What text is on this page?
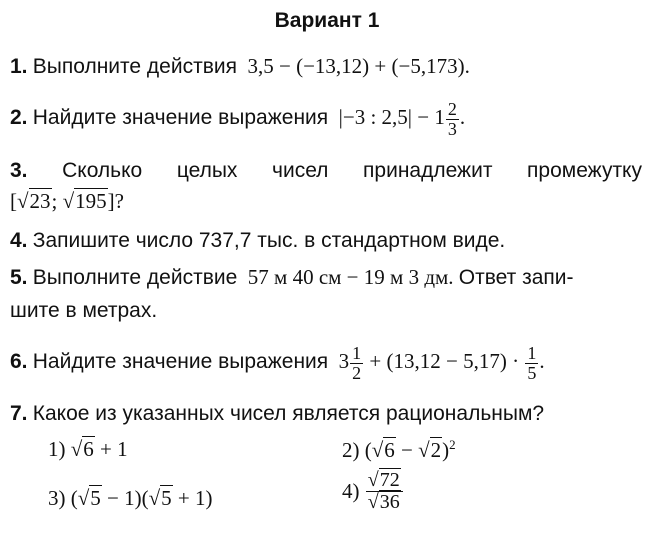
Вариант 1
1. Выполните действия 3,5 − (−13,12) + (−5,173).
2. Найдите значение выражения |−3 : $2,5| - 1 \frac{2}{3}$ .
3. Сколько целых чисел принадлежит промежутку
[√23; √195]?
4. Запишите число 737,7 тыс. в стандартном виде.
5. Выполните действие 57 м 40 см − 19 м 3 дм. Ответ запи-
шите в метрах.
6. Найдите значение выражения $3 \frac{1}{2} + (13,12 - 5,17) \cdot \frac{1}{5}$ .
7. Какое из указанных чисел является рациональным?
1) √6 + 1	2) $(√6 - √2)^2$
3) (√5 − 1)(√5 + 1)	$4) \frac{√72}{√36}$
